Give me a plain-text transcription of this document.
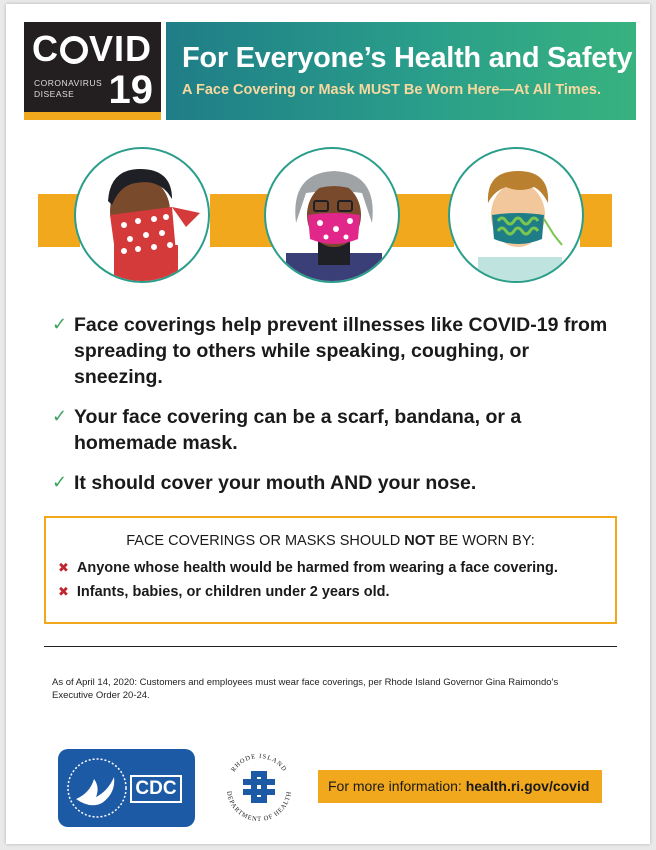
C VID
CORONAVIRUS
DISEASE 19
For Everyone’s Health and Safety
A Face Covering or Mask MUST Be Worn Here—At All Times.
✓ Face coverings help prevent illnesses like COVID-19 from spreading to others while speaking, coughing, or sneezing.
✓ Your face covering can be a scarf, bandana, or a homemade mask.
✓ It should cover your mouth AND your nose.
FACE COVERINGS OR MASKS SHOULD NOT BE WORN BY:
✖ Anyone whose health would be harmed from wearing a face covering.
✖ Infants, babies, or children under 2 years old.
As of April 14, 2020: Customers and employees must wear face coverings, per Rhode Island Governor Gina Raimondo’s Executive Order 20-24.
CDC
RHODE ISLAND
DEPARTMENT OF HEALTH	For more information: health.ri.gov/covid
